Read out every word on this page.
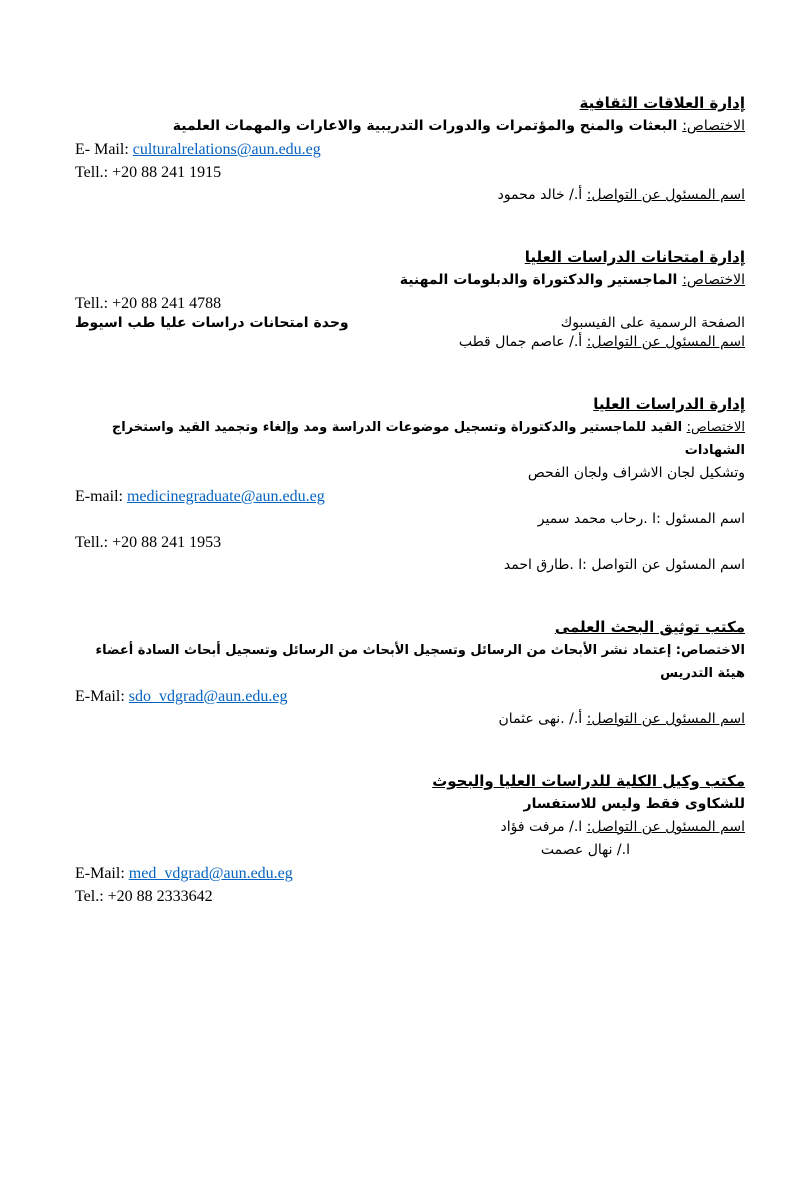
إدارة العلاقات الثقافية

الاختصاص: البعثات والمنح والمؤتمرات والدورات التدريبية والاعارات والمهمات العلمية

E- Mail: culturalrelations@aun.edu.eg

Tell.: +20 88 241 1915

اسم المسئول عن التواصل: أ./ خالد محمود

إدارة امتحانات الدراسات العليا

الاختصاص: الماجستير والدكتوراة والدبلومات المهنية

Tell.: +20 88 241 4788

الصفحة الرسمية على الفيسبوك
وحدة امتحانات دراسات عليا طب اسيوط

اسم المسئول عن التواصل: أ./ عاصم جمال قطب

إدارة الدراسات العليا

الاختصاص: القيد للماجستير والدكتوراة وتسجيل موضوعات الدراسة ومد وإلغاء وتجميد القيد واستخراج الشهادات

وتشكيل لجان الاشراف ولجان الفحص

E-mail: medicinegraduate@aun.edu.eg

اسم المسئول :ا .رحاب محمد سمير

Tell.: +20 88 241 1953

اسم المسئول عن التواصل :ا .طارق احمد

مكتب توثيق البحث العلمى

الاختصاص: إعتماد نشر الأبحاث من الرسائل وتسجيل الأبحاث من الرسائل وتسجيل أبحاث السادة أعضاء هيئة التدريس

E-Mail: sdo_vdgrad@aun.edu.eg

اسم المسئول عن التواصل: أ./ .نهى عثمان

مكتب وكيل الكلية للدراسات العليا والبحوث

للشكاوى فقط وليس للاستفسار

اسم المسئول عن التواصل: ا./ مرفت فؤاد

ا./ نهال عصمت

E-Mail: med_vdgrad@aun.edu.eg

Tel.: +20 88 2333642
